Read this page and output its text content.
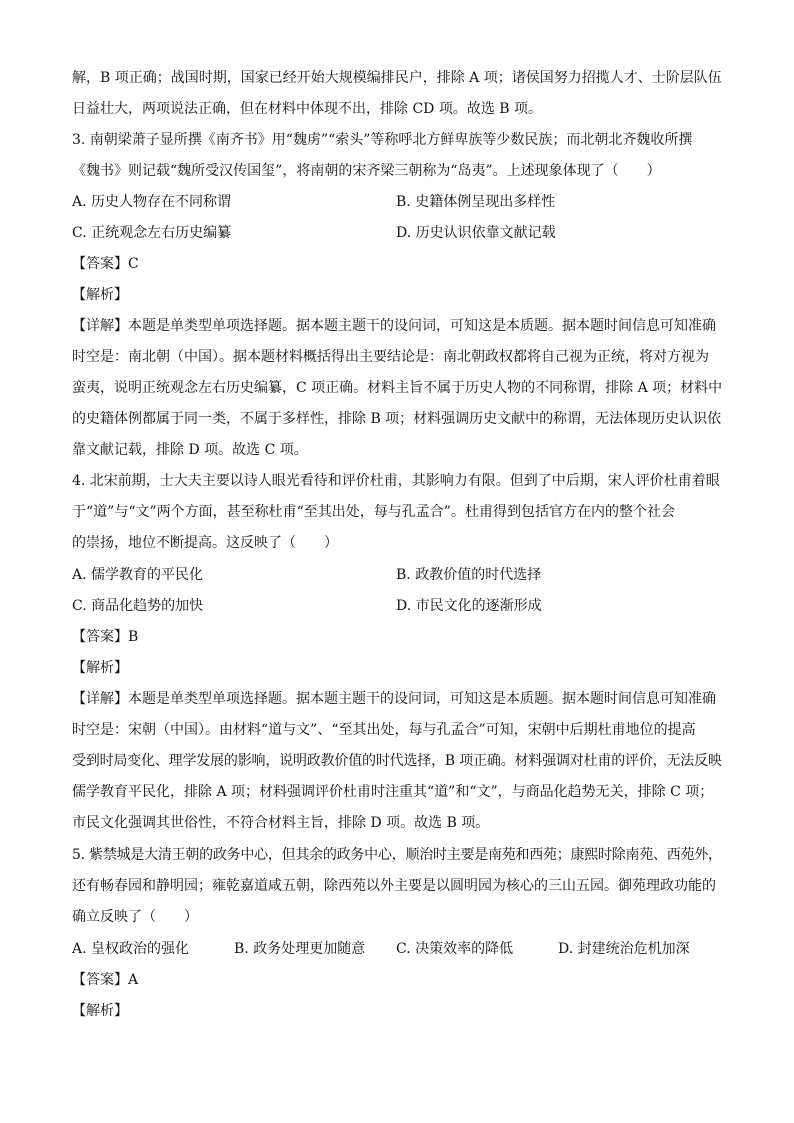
解，B 项正确；战国时期，国家已经开始大规模编排民户，排除 A 项；诸侯国努力招揽人才、士阶层队伍

日益壮大，两项说法正确，但在材料中体现不出，排除 CD 项。故选 B 项。

3. 南朝梁萧子显所撰《南齐书》用“魏虏”“索头”等称呼北方鲜卑族等少数民族；而北朝北齐魏收所撰

《魏书》则记载“魏所受汉传国玺”，将南朝的宋齐梁三朝称为“岛夷”。上述现象体现了（　　）

A. 历史人物存在不同称谓	B. 史籍体例呈现出多样性
C. 正统观念左右历史编纂	D. 历史认识依靠文献记载
【答案】C
【解析】

【详解】本题是单类型单项选择题。据本题主题干的设问词，可知这是本质题。据本题时间信息可知准确

时空是：南北朝（中国）。据本题材料概括得出主要结论是：南北朝政权都将自己视为正统，将对方视为

蛮夷，说明正统观念左右历史编纂，C 项正确。材料主旨不属于历史人物的不同称谓，排除 A 项；材料中

的史籍体例都属于同一类，不属于多样性，排除 B 项；材料强调历史文献中的称谓，无法体现历史认识依

靠文献记载，排除 D 项。故选 C 项。

4. 北宋前期，士大夫主要以诗人眼光看待和评价杜甫，其影响力有限。但到了中后期，宋人评价杜甫着眼

于“道”与“文”两个方面，甚至称杜甫“至其出处，每与孔孟合”。杜甫得到包括官方在内的整个社会

的崇扬，地位不断提高。这反映了（　　）

A. 儒学教育的平民化	B. 政教价值的时代选择
C. 商品化趋势的加快	D. 市民文化的逐渐形成
【答案】B
【解析】

【详解】本题是单类型单项选择题。据本题主题干的设问词，可知这是本质题。据本题时间信息可知准确

时空是：宋朝（中国）。由材料“道与文”、“至其出处，每与孔孟合”可知，宋朝中后期杜甫地位的提高

受到时局变化、理学发展的影响，说明政教价值的时代选择，B 项正确。材料强调对杜甫的评价，无法反映

儒学教育平民化，排除 A 项；材料强调评价杜甫时注重其“道”和“文”，与商品化趋势无关，排除 C 项；

市民文化强调其世俗性，不符合材料主旨，排除 D 项。故选 B 项。

5. 紫禁城是大清王朝的政务中心，但其余的政务中心，顺治时主要是南苑和西苑；康熙时除南苑、西苑外，

还有畅春园和静明园；雍乾嘉道咸五朝，除西苑以外主要是以圆明园为核心的三山五园。御苑理政功能的

确立反映了（　　）

A. 皇权政治的强化	B. 政务处理更加随意 C. 决策效率的降低	D. 封建统治危机加深
【答案】A
【解析】
